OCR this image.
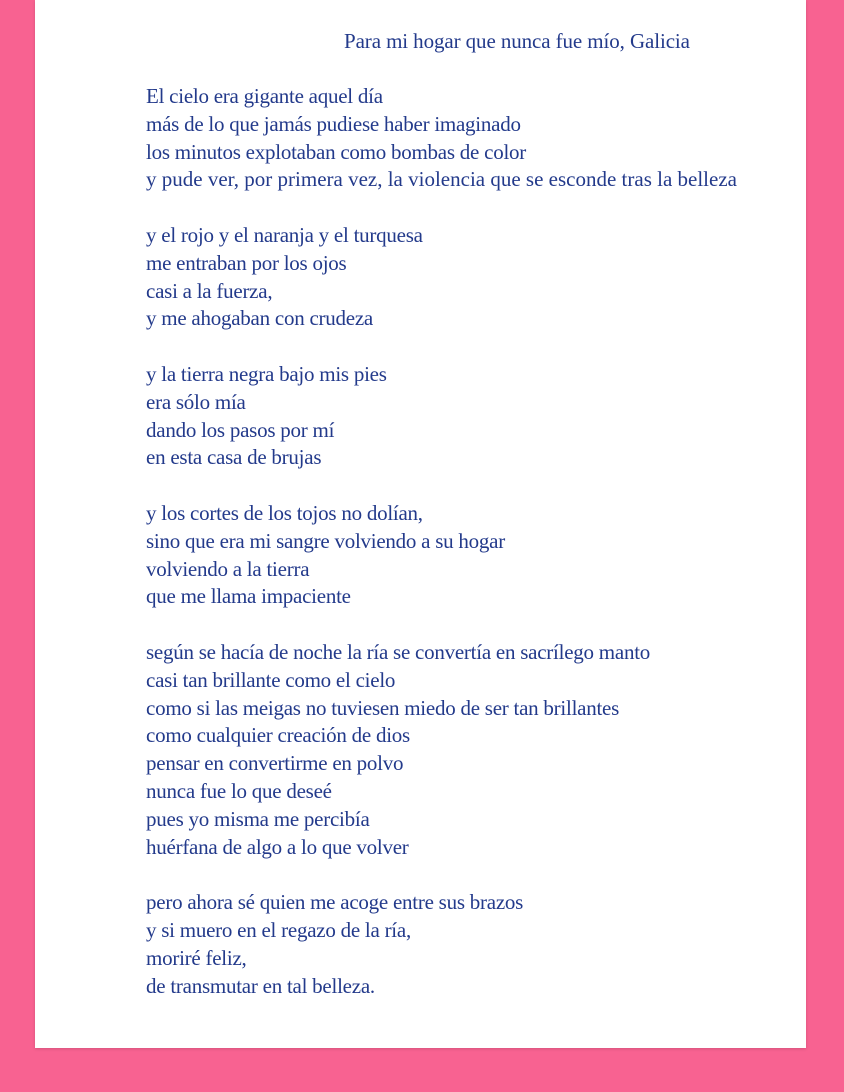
Para mi hogar que nunca fue mío, Galicia
El cielo era gigante aquel día
más de lo que jamás pudiese haber imaginado
los minutos explotaban como bombas de color
y pude ver, por primera vez, la violencia que se esconde tras la belleza
y el rojo y el naranja y el turquesa
me entraban por los ojos
casi a la fuerza,
y me ahogaban con crudeza
y la tierra negra bajo mis pies
era sólo mía
dando los pasos por mí
en esta casa de brujas
y los cortes de los tojos no dolían,
sino que era mi sangre volviendo a su hogar
volviendo a la tierra
que me llama impaciente
según se hacía de noche la ría se convertía en sacrílego manto
casi tan brillante como el cielo
como si las meigas no tuviesen miedo de ser tan brillantes
como cualquier creación de dios
pensar en convertirme en polvo
nunca fue lo que deseé
pues yo misma me percibía
huérfana de algo a lo que volver
pero ahora sé quien me acoge entre sus brazos
y si muero en el regazo de la ría,
moriré feliz,
de transmutar en tal belleza.
